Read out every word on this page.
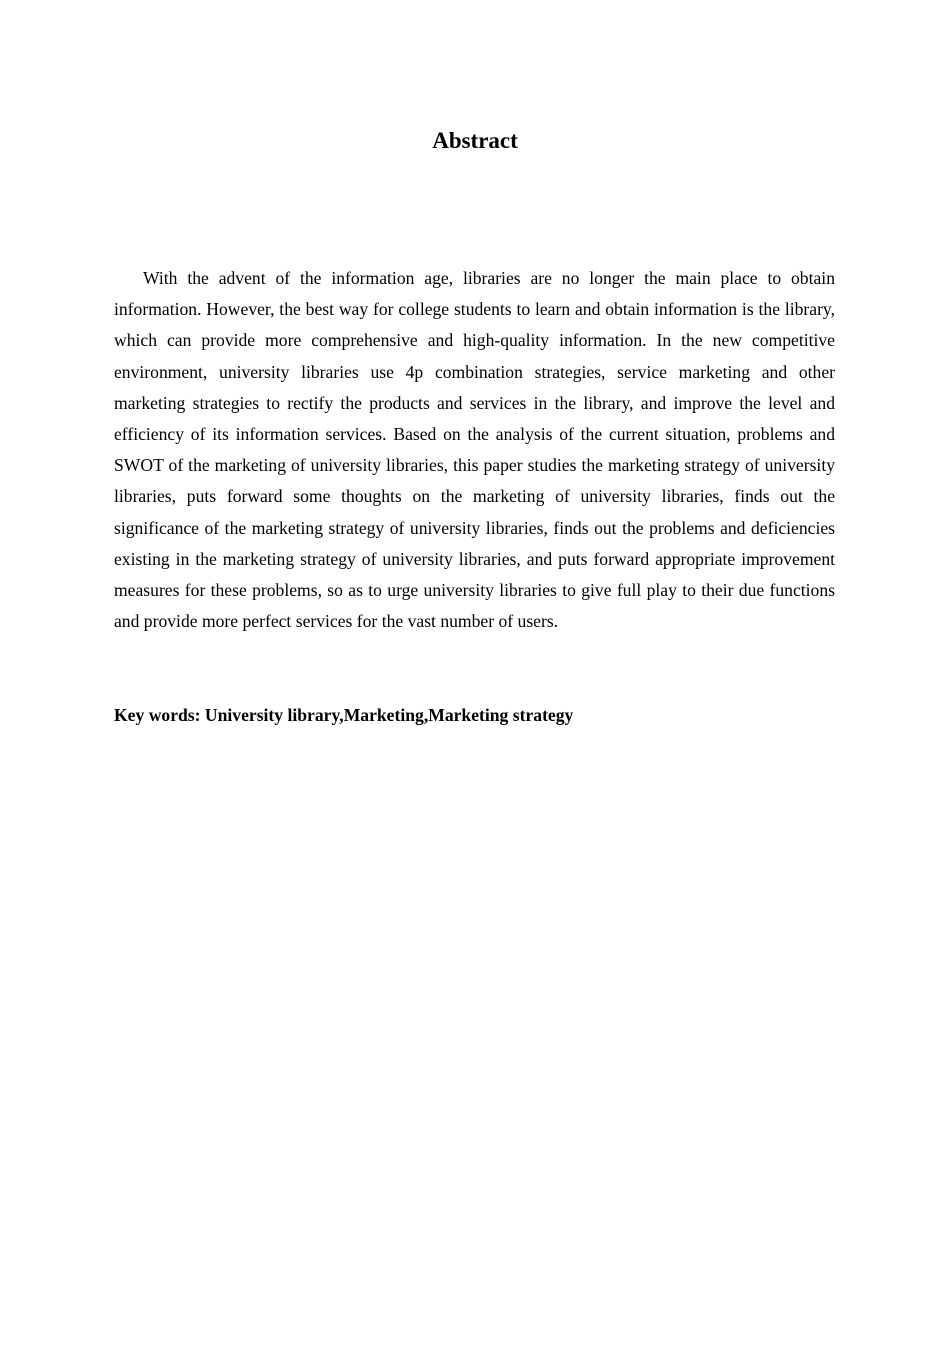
Abstract

With the advent of the information age, libraries are no longer the main place to obtain information. However, the best way for college students to learn and obtain information is the library, which can provide more comprehensive and high-quality information. In the new competitive environment, university libraries use 4p combination strategies, service marketing and other marketing strategies to rectify the products and services in the library, and improve the level and efficiency of its information services. Based on the analysis of the current situation, problems and SWOT of the marketing of university libraries, this paper studies the marketing strategy of university libraries, puts forward some thoughts on the marketing of university libraries, finds out the significance of the marketing strategy of university libraries, finds out the problems and deficiencies existing in the marketing strategy of university libraries, and puts forward appropriate improvement measures for these problems, so as to urge university libraries to give full play to their due functions and provide more perfect services for the vast number of users.

Key words: University library,Marketing,Marketing strategy
